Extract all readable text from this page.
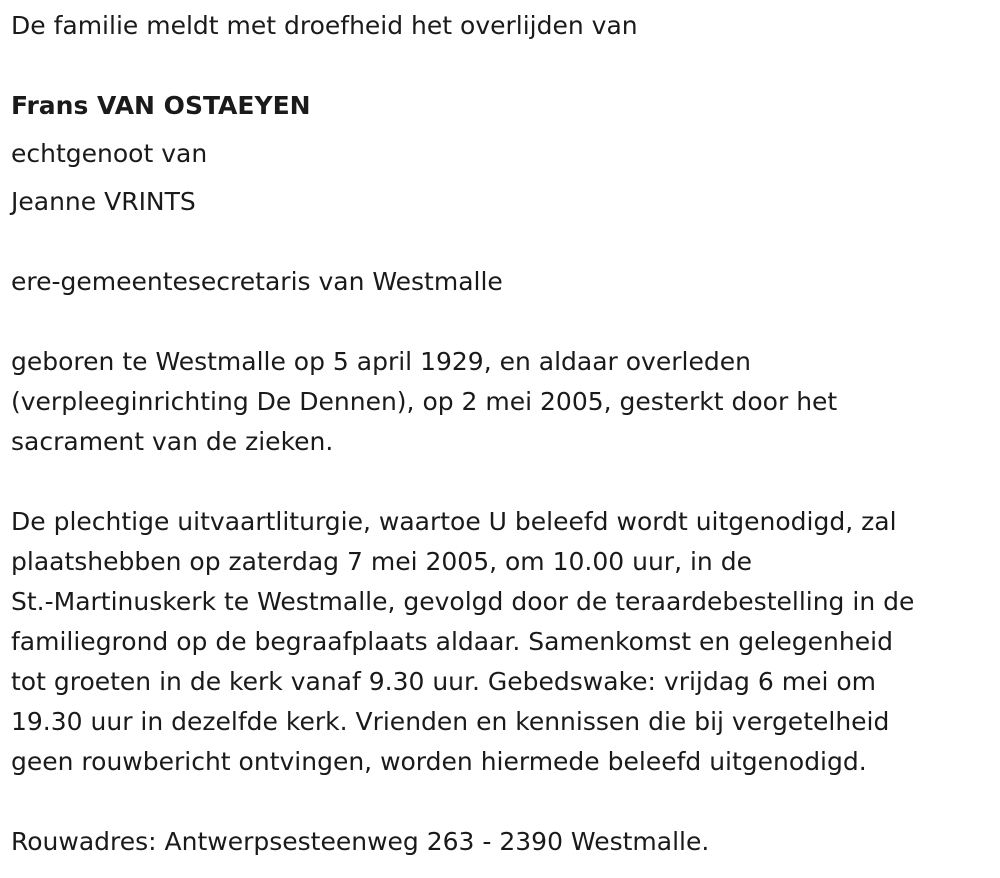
De familie meldt met droefheid het overlijden van
Frans VAN OSTAEYEN
echtgenoot van
Jeanne VRINTS
ere-gemeentesecretaris van Westmalle
geboren te Westmalle op 5 april 1929, en aldaar overleden
(verpleeginrichting De Dennen), op 2 mei 2005, gesterkt door het
sacrament van de zieken.
De plechtige uitvaartliturgie, waartoe U beleefd wordt uitgenodigd, zal
plaatshebben op zaterdag 7 mei 2005, om 10.00 uur, in de
St.-Martinuskerk te Westmalle, gevolgd door de teraardebestelling in de
familiegrond op de begraafplaats aldaar. Samenkomst en gelegenheid
tot groeten in de kerk vanaf 9.30 uur. Gebedswake: vrijdag 6 mei om
19.30 uur in dezelfde kerk. Vrienden en kennissen die bij vergetelheid
geen rouwbericht ontvingen, worden hiermede beleefd uitgenodigd.
Rouwadres: Antwerpsesteenweg 263 - 2390 Westmalle.
